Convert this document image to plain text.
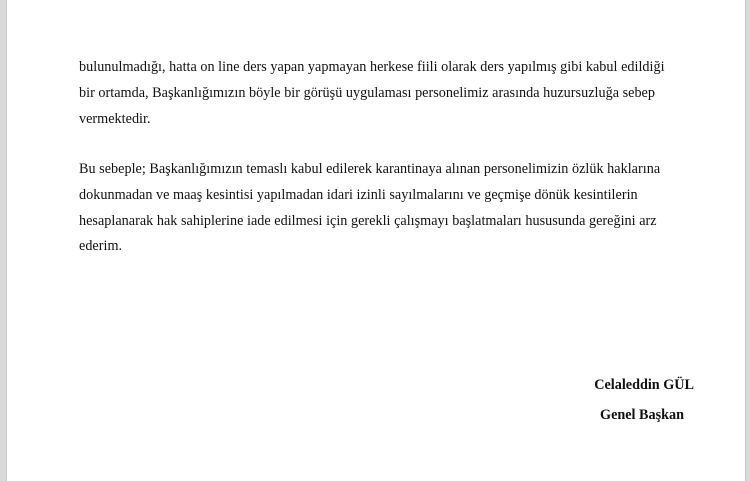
bulunulmadığı, hatta on line ders yapan yapmayan herkese fiili olarak ders yapılmış gibi kabul edildiği
bir ortamda, Başkanlığımızın böyle bir görüşü uygulaması personelimiz arasında huzursuzluğa sebep
vermektedir.

Bu sebeple; Başkanlığımızın temaslı kabul edilerek karantinaya alınan personelimizin özlük haklarına
dokunmadan ve maaş kesintisi yapılmadan idari izinli sayılmalarını ve geçmişe dönük kesintilerin
hesaplanarak hak sahiplerine iade edilmesi için gerekli çalışmayı başlatmaları hususunda gereğini arz
ederim.

Celaleddin GÜL
Genel Başkan
